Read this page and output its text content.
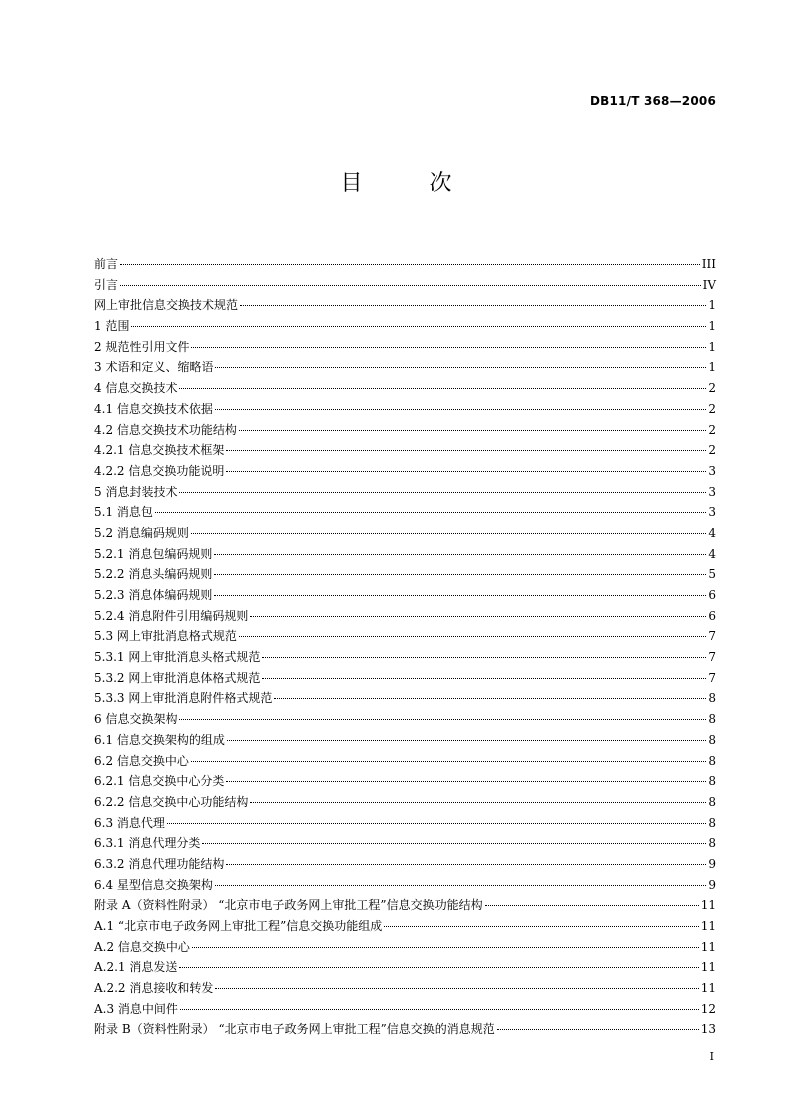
DB11/T 368—2006
目 次
前言	III
引言	IV
网上审批信息交换技术规范	1
1 范围	1
2 规范性引用文件	1
3 术语和定义、缩略语	1
4 信息交换技术	2
4.1 信息交换技术依据	2
4.2 信息交换技术功能结构	2
4.2.1 信息交换技术框架	2
4.2.2 信息交换功能说明	3
5 消息封装技术	3
5.1 消息包	3
5.2 消息编码规则	4
5.2.1 消息包编码规则	4
5.2.2 消息头编码规则	5
5.2.3 消息体编码规则	6
5.2.4 消息附件引用编码规则	6
5.3 网上审批消息格式规范	7
5.3.1 网上审批消息头格式规范	7
5.3.2 网上审批消息体格式规范	7
5.3.3 网上审批消息附件格式规范	8
6 信息交换架构	8
6.1 信息交换架构的组成	8
6.2 信息交换中心	8
6.2.1 信息交换中心分类	8
6.2.2 信息交换中心功能结构	8
6.3 消息代理	8
6.3.1 消息代理分类	8
6.3.2 消息代理功能结构	9
6.4 星型信息交换架构	9
附录 A（资料性附录） “北京市电子政务网上审批工程”信息交换功能结构	11
A.1 “北京市电子政务网上审批工程”信息交换功能组成	11
A.2 信息交换中心	11
A.2.1 消息发送	11
A.2.2 消息接收和转发	11
A.3 消息中间件	12
附录 B（资料性附录） “北京市电子政务网上审批工程”信息交换的消息规范	13
I
